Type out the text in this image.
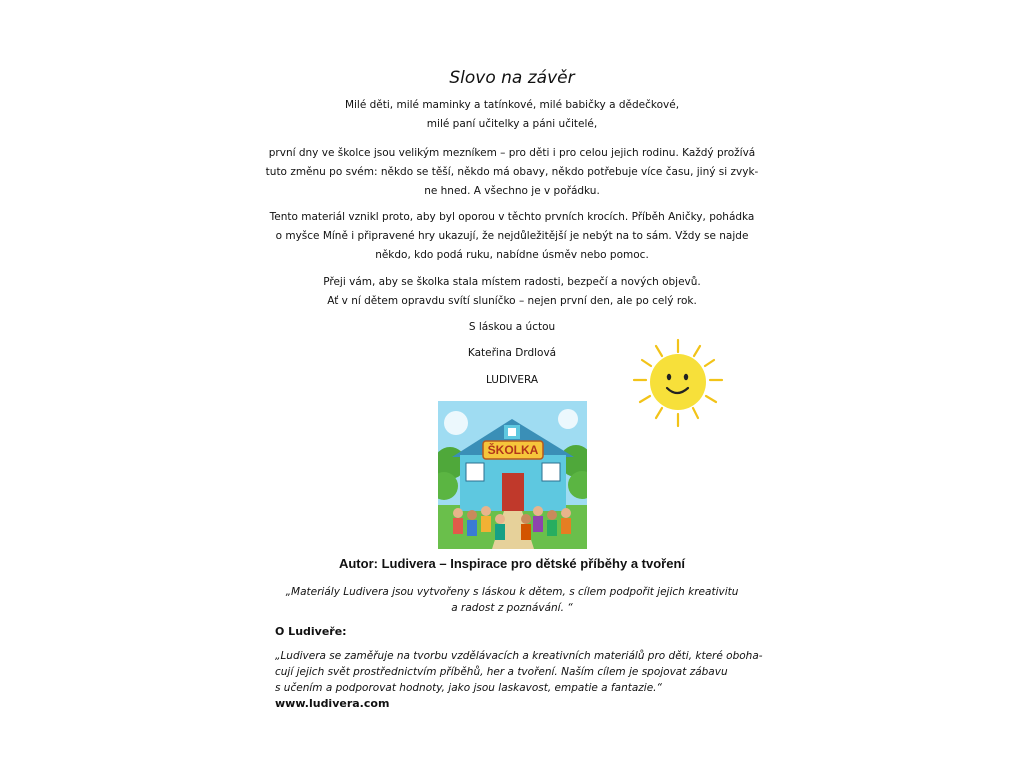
Slovo na závěr
Milé děti, milé maminky a tatínkové, milé babičky a dědečkové,
milé paní učitelky a páni učitelé,
první dny ve školce jsou velikým mezníkem – pro děti i pro celou jejich rodinu. Každý prožívá
tuto změnu po svém: někdo se těší, někdo má obavy, někdo potřebuje více času, jiný si zvyk-
ne hned. A všechno je v pořádku.
Tento materiál vznikl proto, aby byl oporou v těchto prvních krocích. Příběh Aničky, pohádka
o myšce Míně i připravené hry ukazují, že nejdůležitější je nebýt na to sám. Vždy se najde
někdo, kdo podá ruku, nabídne úsměv nebo pomoc.
Přeji vám, aby se školka stala místem radosti, bezpečí a nových objevů.
Ať v ní dětem opravdu svítí sluníčko – nejen první den, ale po celý rok.
S láskou a úctou
Kateřina Drdlová
LUDIVERA
ŠKOLKA
Autor: Ludivera – Inspirace pro dětské příběhy a tvoření
„Materiály Ludivera jsou vytvořeny s láskou k dětem, s cílem podpořit jejich kreativitu
a radost z poznávání. “
O Ludiveře:
„Ludivera se zaměřuje na tvorbu vzdělávacích a kreativních materiálů pro děti, které oboha-
cují jejich svět prostřednictvím příběhů, her a tvoření. Naším cílem je spojovat zábavu
s učením a podporovat hodnoty, jako jsou laskavost, empatie a fantazie.“
www.ludivera.com
